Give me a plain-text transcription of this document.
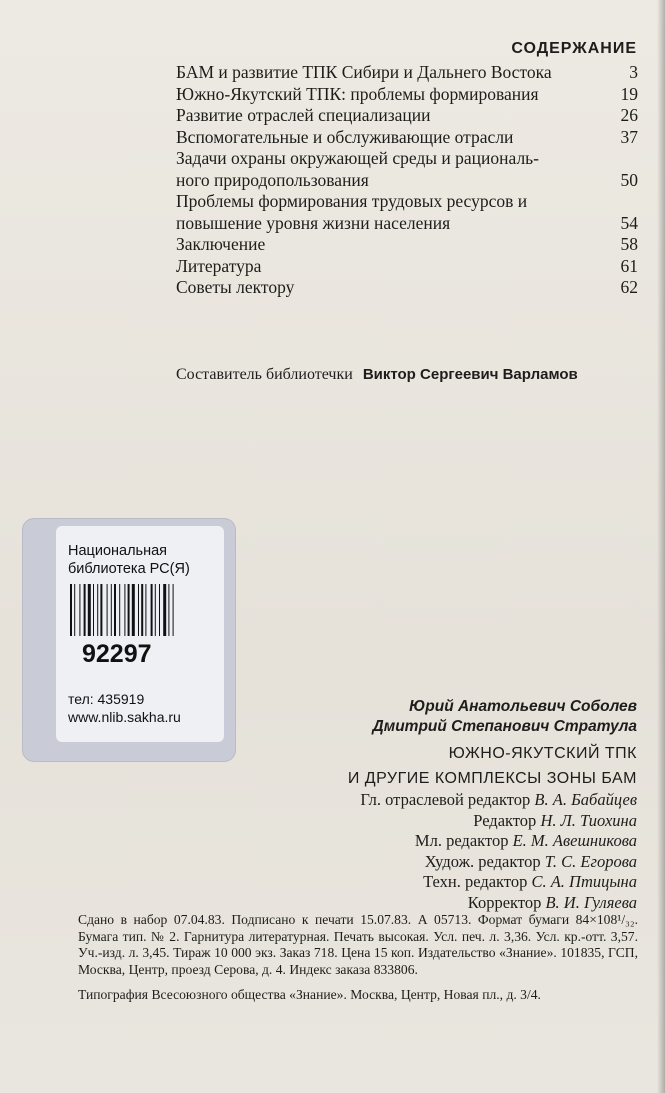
СОДЕРЖАНИЕ
БАМ и развитие ТПК Сибири и Дальнего Востока	3
Южно-Якутский ТПК: проблемы формирования	19
Развитие отраслей специализации	26
Вспомогательные и обслуживающие отрасли	37
Задачи охраны окружающей среды и рациональ-
ного природопользования	50
Проблемы формирования трудовых ресурсов и
повышение уровня жизни населения	54
Заключение	58
Литература	61
Советы лектору	62
Составитель библиотечки Виктор Сергеевич Варламов
Национальная
библиотека РС(Я)
92297
тел: 435919
www.nlib.sakha.ru
Юрий Анатольевич Соболев
Дмитрий Степанович Стратула
ЮЖНО-ЯКУТСКИЙ ТПК
И ДРУГИЕ КОМПЛЕКСЫ ЗОНЫ БАМ
Гл. отраслевой редактор В. А. Бабайцев
Редактор Н. Л. Тиохина
Мл. редактор Е. М. Авешникова
Худож. редактор Т. С. Егорова
Техн. редактор С. А. Птицына
Корректор В. И. Гуляева
Сдано в набор 07.04.83. Подписано к печати 15.07.83. А 05713. Формат бумаги 84×108¹/₃₂. Бумага тип. № 2. Гарнитура литературная. Печать высокая. Усл. печ. л. 3,36. Усл. кр.-отт. 3,57. Уч.-изд. л. 3,45. Тираж 10 000 экз. Заказ 718. Цена 15 коп. Издательство «Знание». 101835, ГСП, Москва, Центр, проезд Серова, д. 4. Индекс заказа 833806.
Типография Всесоюзного общества «Знание». Москва, Центр, Новая пл., д. 3/4.
